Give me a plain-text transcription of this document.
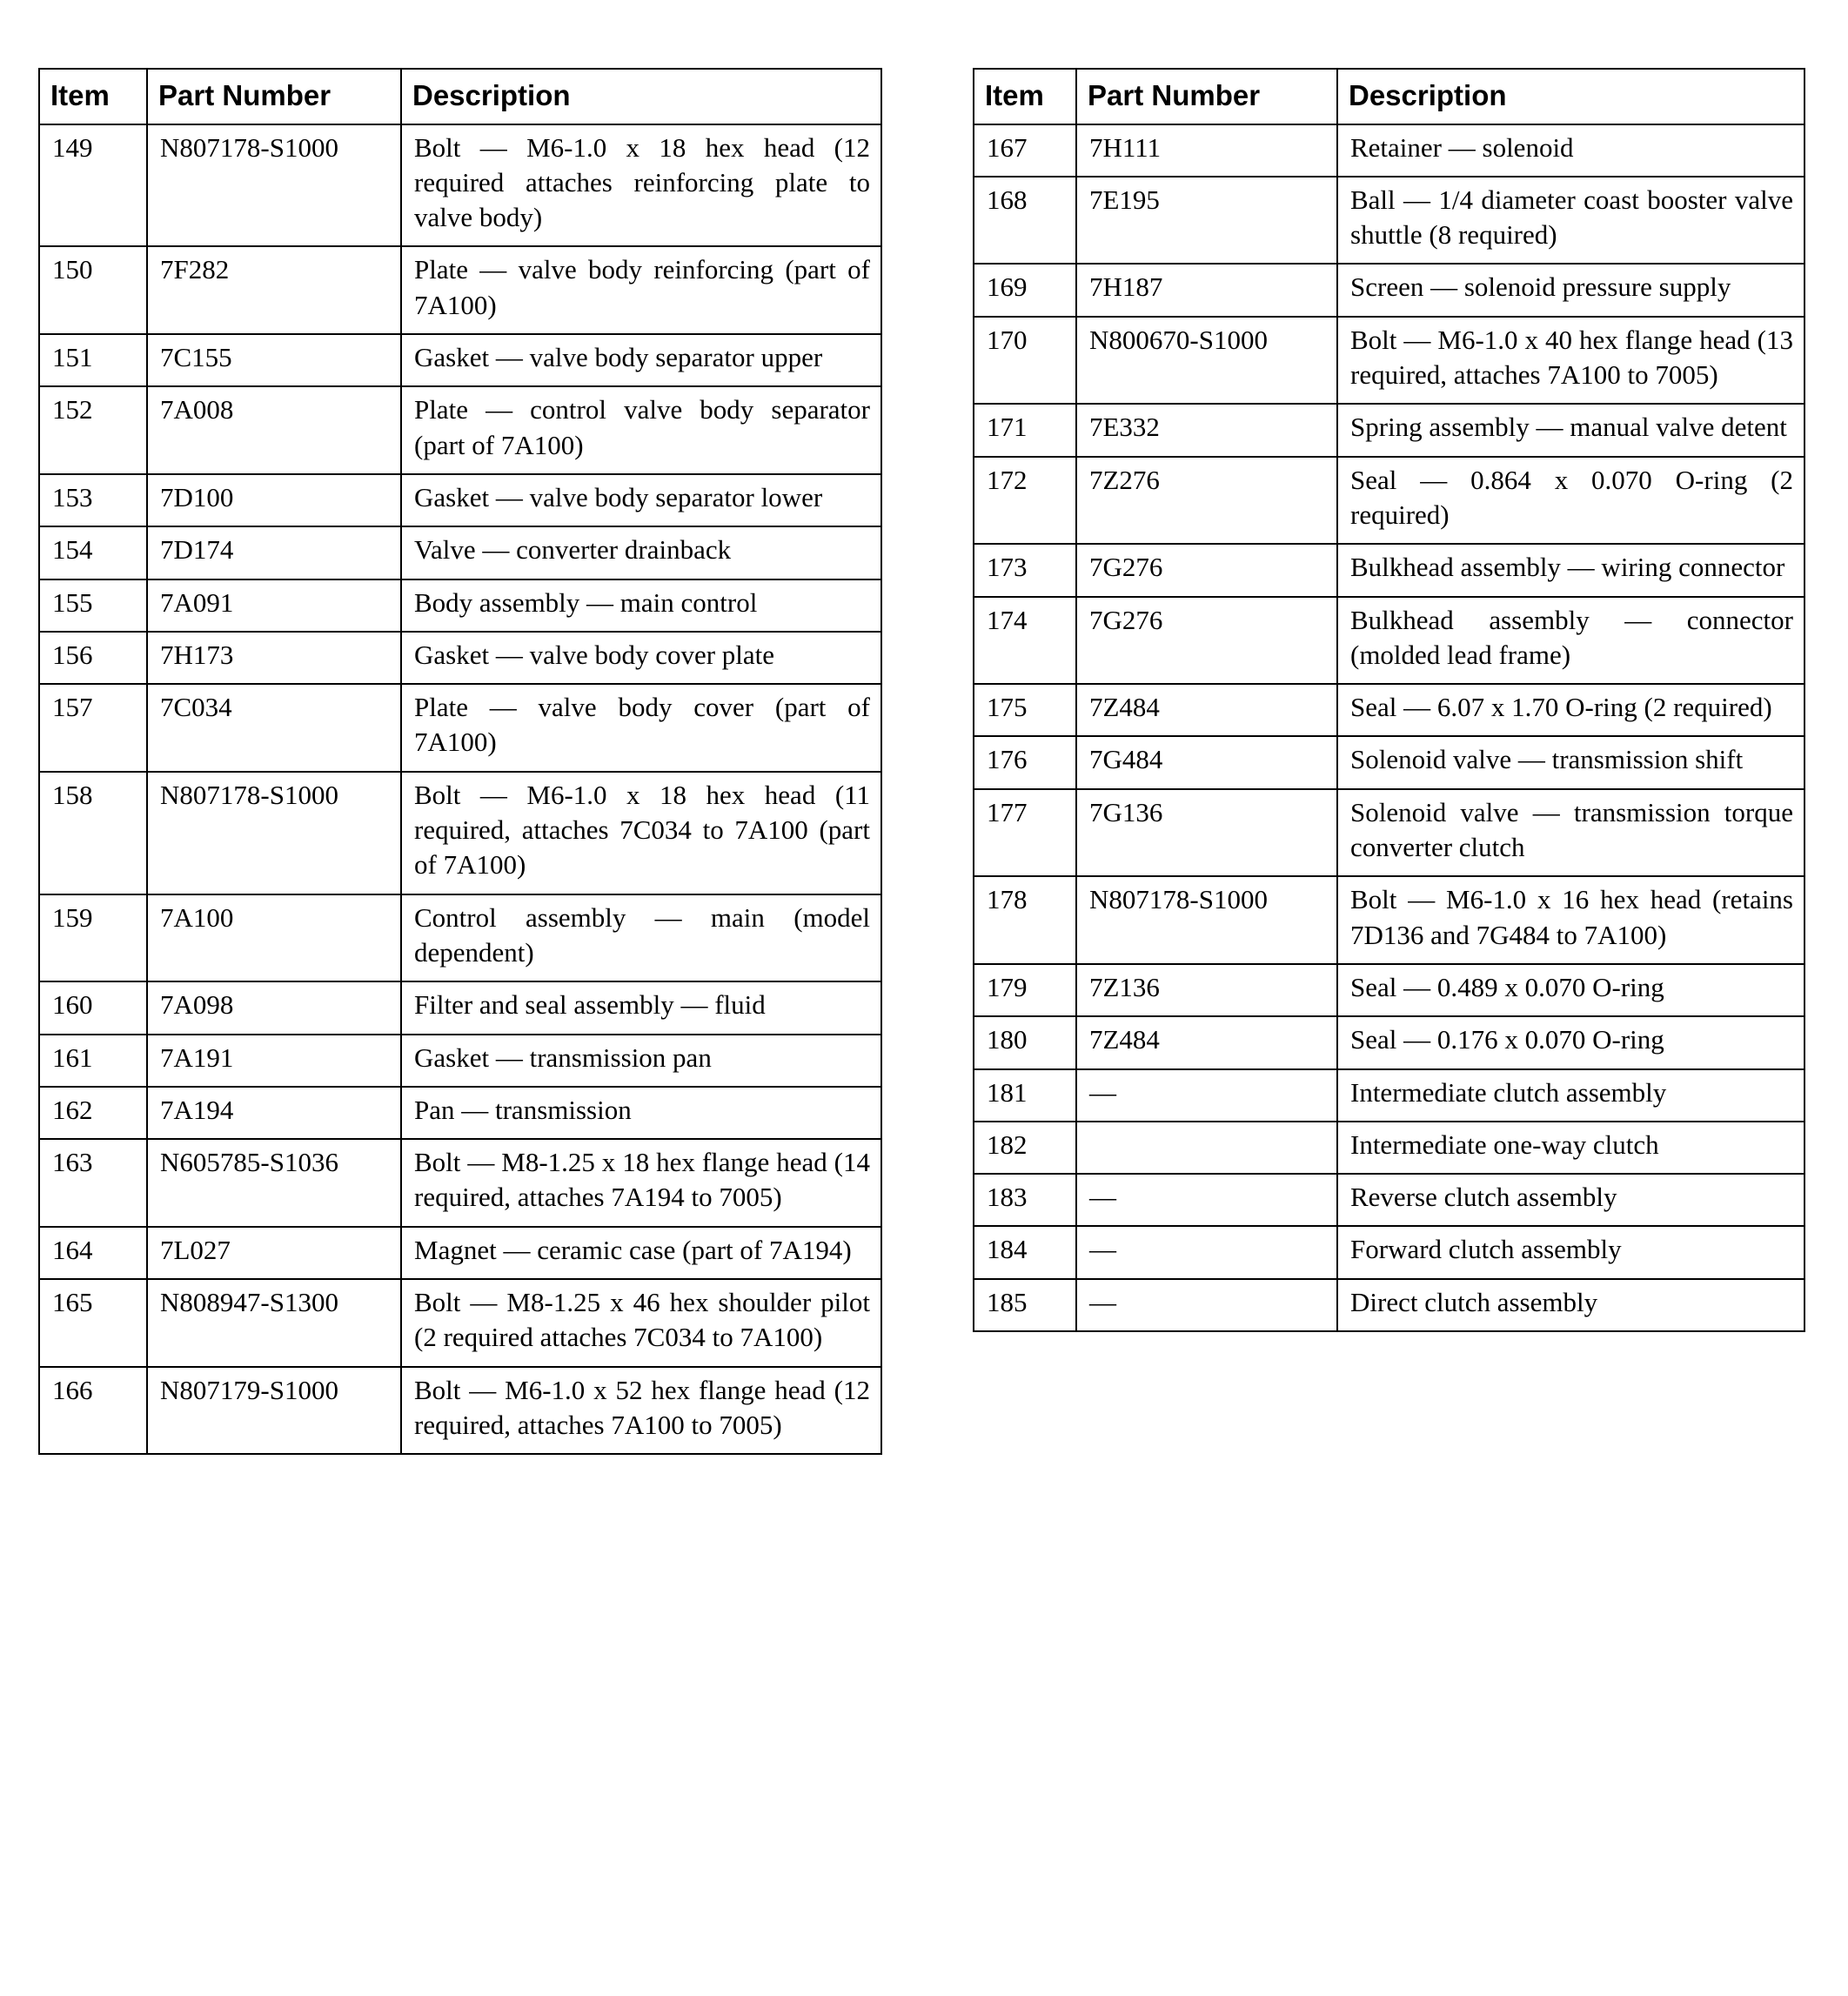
Item	Part Number	Description
149	N807178-S1000	Bolt — M6-1.0 x 18 hex head (12 required attaches reinforcing plate to valve body)
150	7F282	Plate — valve body reinforcing (part of 7A100)
151	7C155	Gasket — valve body separator upper
152	7A008	Plate — control valve body separator (part of 7A100)
153	7D100	Gasket — valve body separator lower
154	7D174	Valve — converter drainback
155	7A091	Body assembly — main control
156	7H173	Gasket — valve body cover plate
157	7C034	Plate — valve body cover (part of 7A100)
158	N807178-S1000	Bolt — M6-1.0 x 18 hex head (11 required, attaches 7C034 to 7A100 (part of 7A100)
159	7A100	Control assembly — main (model dependent)
160	7A098	Filter and seal assembly — fluid
161	7A191	Gasket — transmission pan
162	7A194	Pan — transmission
163	N605785-S1036	Bolt — M8-1.25 x 18 hex flange head (14 required, attaches 7A194 to 7005)
164	7L027	Magnet — ceramic case (part of 7A194)
165	N808947-S1300	Bolt — M8-1.25 x 46 hex shoulder pilot (2 required attaches 7C034 to 7A100)
166	N807179-S1000	Bolt — M6-1.0 x 52 hex flange head (12 required, attaches 7A100 to 7005)
Item	Part Number	Description
167	7H111	Retainer — solenoid
168	7E195	Ball — 1/4 diameter coast booster valve shuttle (8 required)
169	7H187	Screen — solenoid pressure supply
170	N800670-S1000	Bolt — M6-1.0 x 40 hex flange head (13 required, attaches 7A100 to 7005)
171	7E332	Spring assembly — manual valve detent
172	7Z276	Seal — 0.864 x 0.070 O-ring (2 required)
173	7G276	Bulkhead assembly — wiring connector
174	7G276	Bulkhead assembly — connector (molded lead frame)
175	7Z484	Seal — 6.07 x 1.70 O-ring (2 required)
176	7G484	Solenoid valve — transmission shift
177	7G136	Solenoid valve — transmission torque converter clutch
178	N807178-S1000	Bolt — M6-1.0 x 16 hex head (retains 7D136 and 7G484 to 7A100)
179	7Z136	Seal — 0.489 x 0.070 O-ring
180	7Z484	Seal — 0.176 x 0.070 O-ring
181	—	Intermediate clutch assembly
182		Intermediate one-way clutch
183	—	Reverse clutch assembly
184	—	Forward clutch assembly
185	—	Direct clutch assembly
